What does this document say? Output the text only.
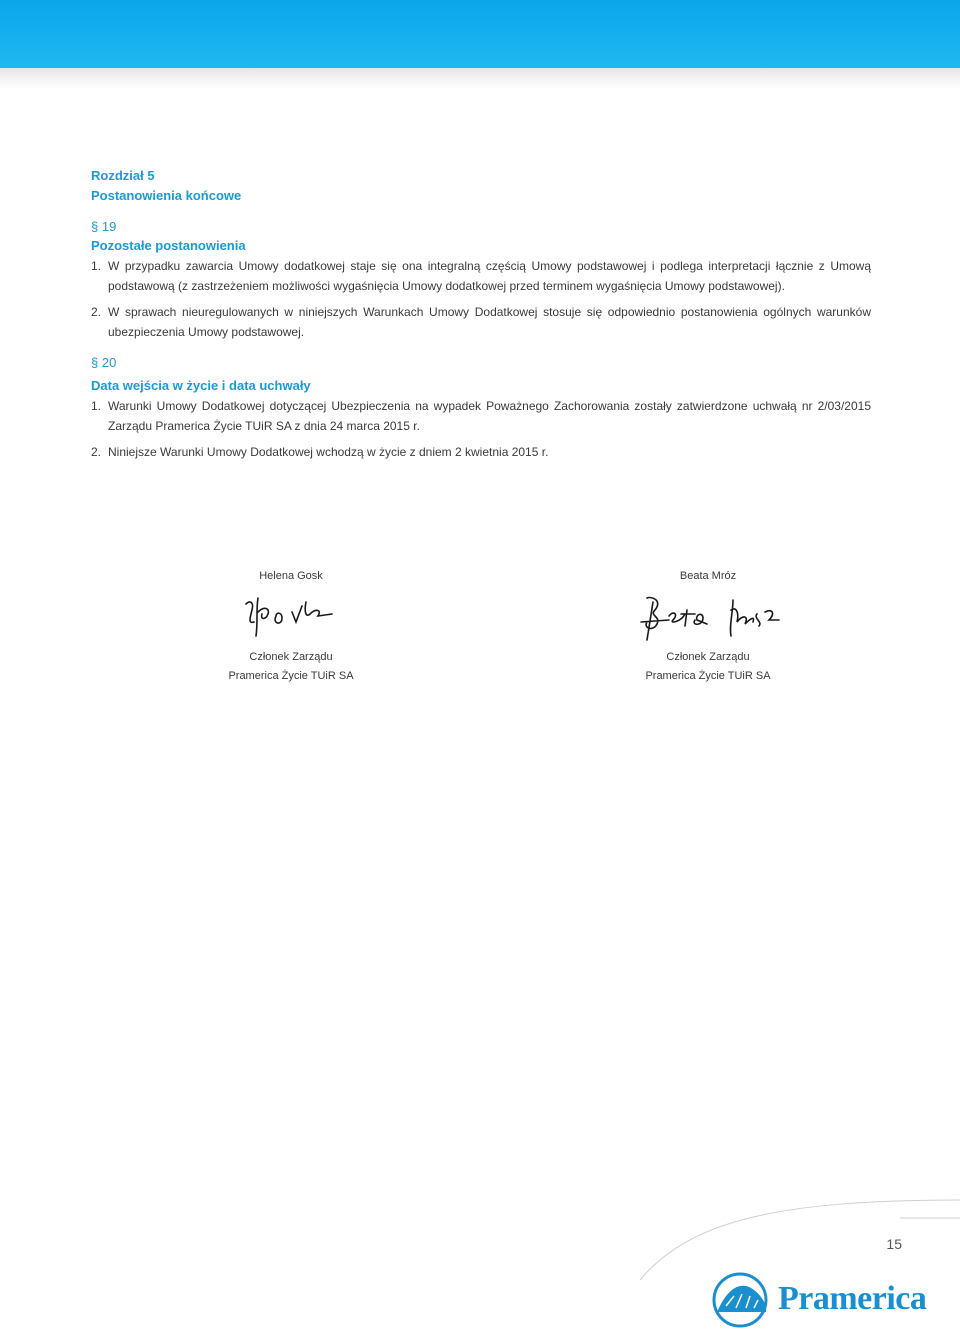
Rozdział 5

Postanowienia końcowe

§ 19

Pozostałe postanowienia

1. W przypadku zawarcia Umowy dodatkowej staje się ona integralną częścią Umowy podstawowej i podlega interpretacji łącznie z Umową podstawową (z zastrzeżeniem możliwości wygaśnięcia Umowy dodatkowej przed terminem wygaśnięcia Umowy podstawowej).
2. W sprawach nieuregulowanych w niniejszych Warunkach Umowy Dodatkowej stosuje się odpowiednio postanowienia ogólnych warunków ubezpieczenia Umowy podstawowej.

§ 20

Data wejścia w życie i data uchwały

1. Warunki Umowy Dodatkowej dotyczącej Ubezpieczenia na wypadek Poważnego Zachorowania zostały zatwierdzone uchwałą nr 2/03/2015 Zarządu Pramerica Życie TUiR SA z dnia 24 marca 2015 r.
2. Niniejsze Warunki Umowy Dodatkowej wchodzą w życie z dniem 2 kwietnia 2015 r.
Helena Gosk
Członek Zarządu
Pramerica Życie TUiR SA
Beata Mróz
Członek Zarządu
Pramerica Życie TUiR SA
15
Pramerica
